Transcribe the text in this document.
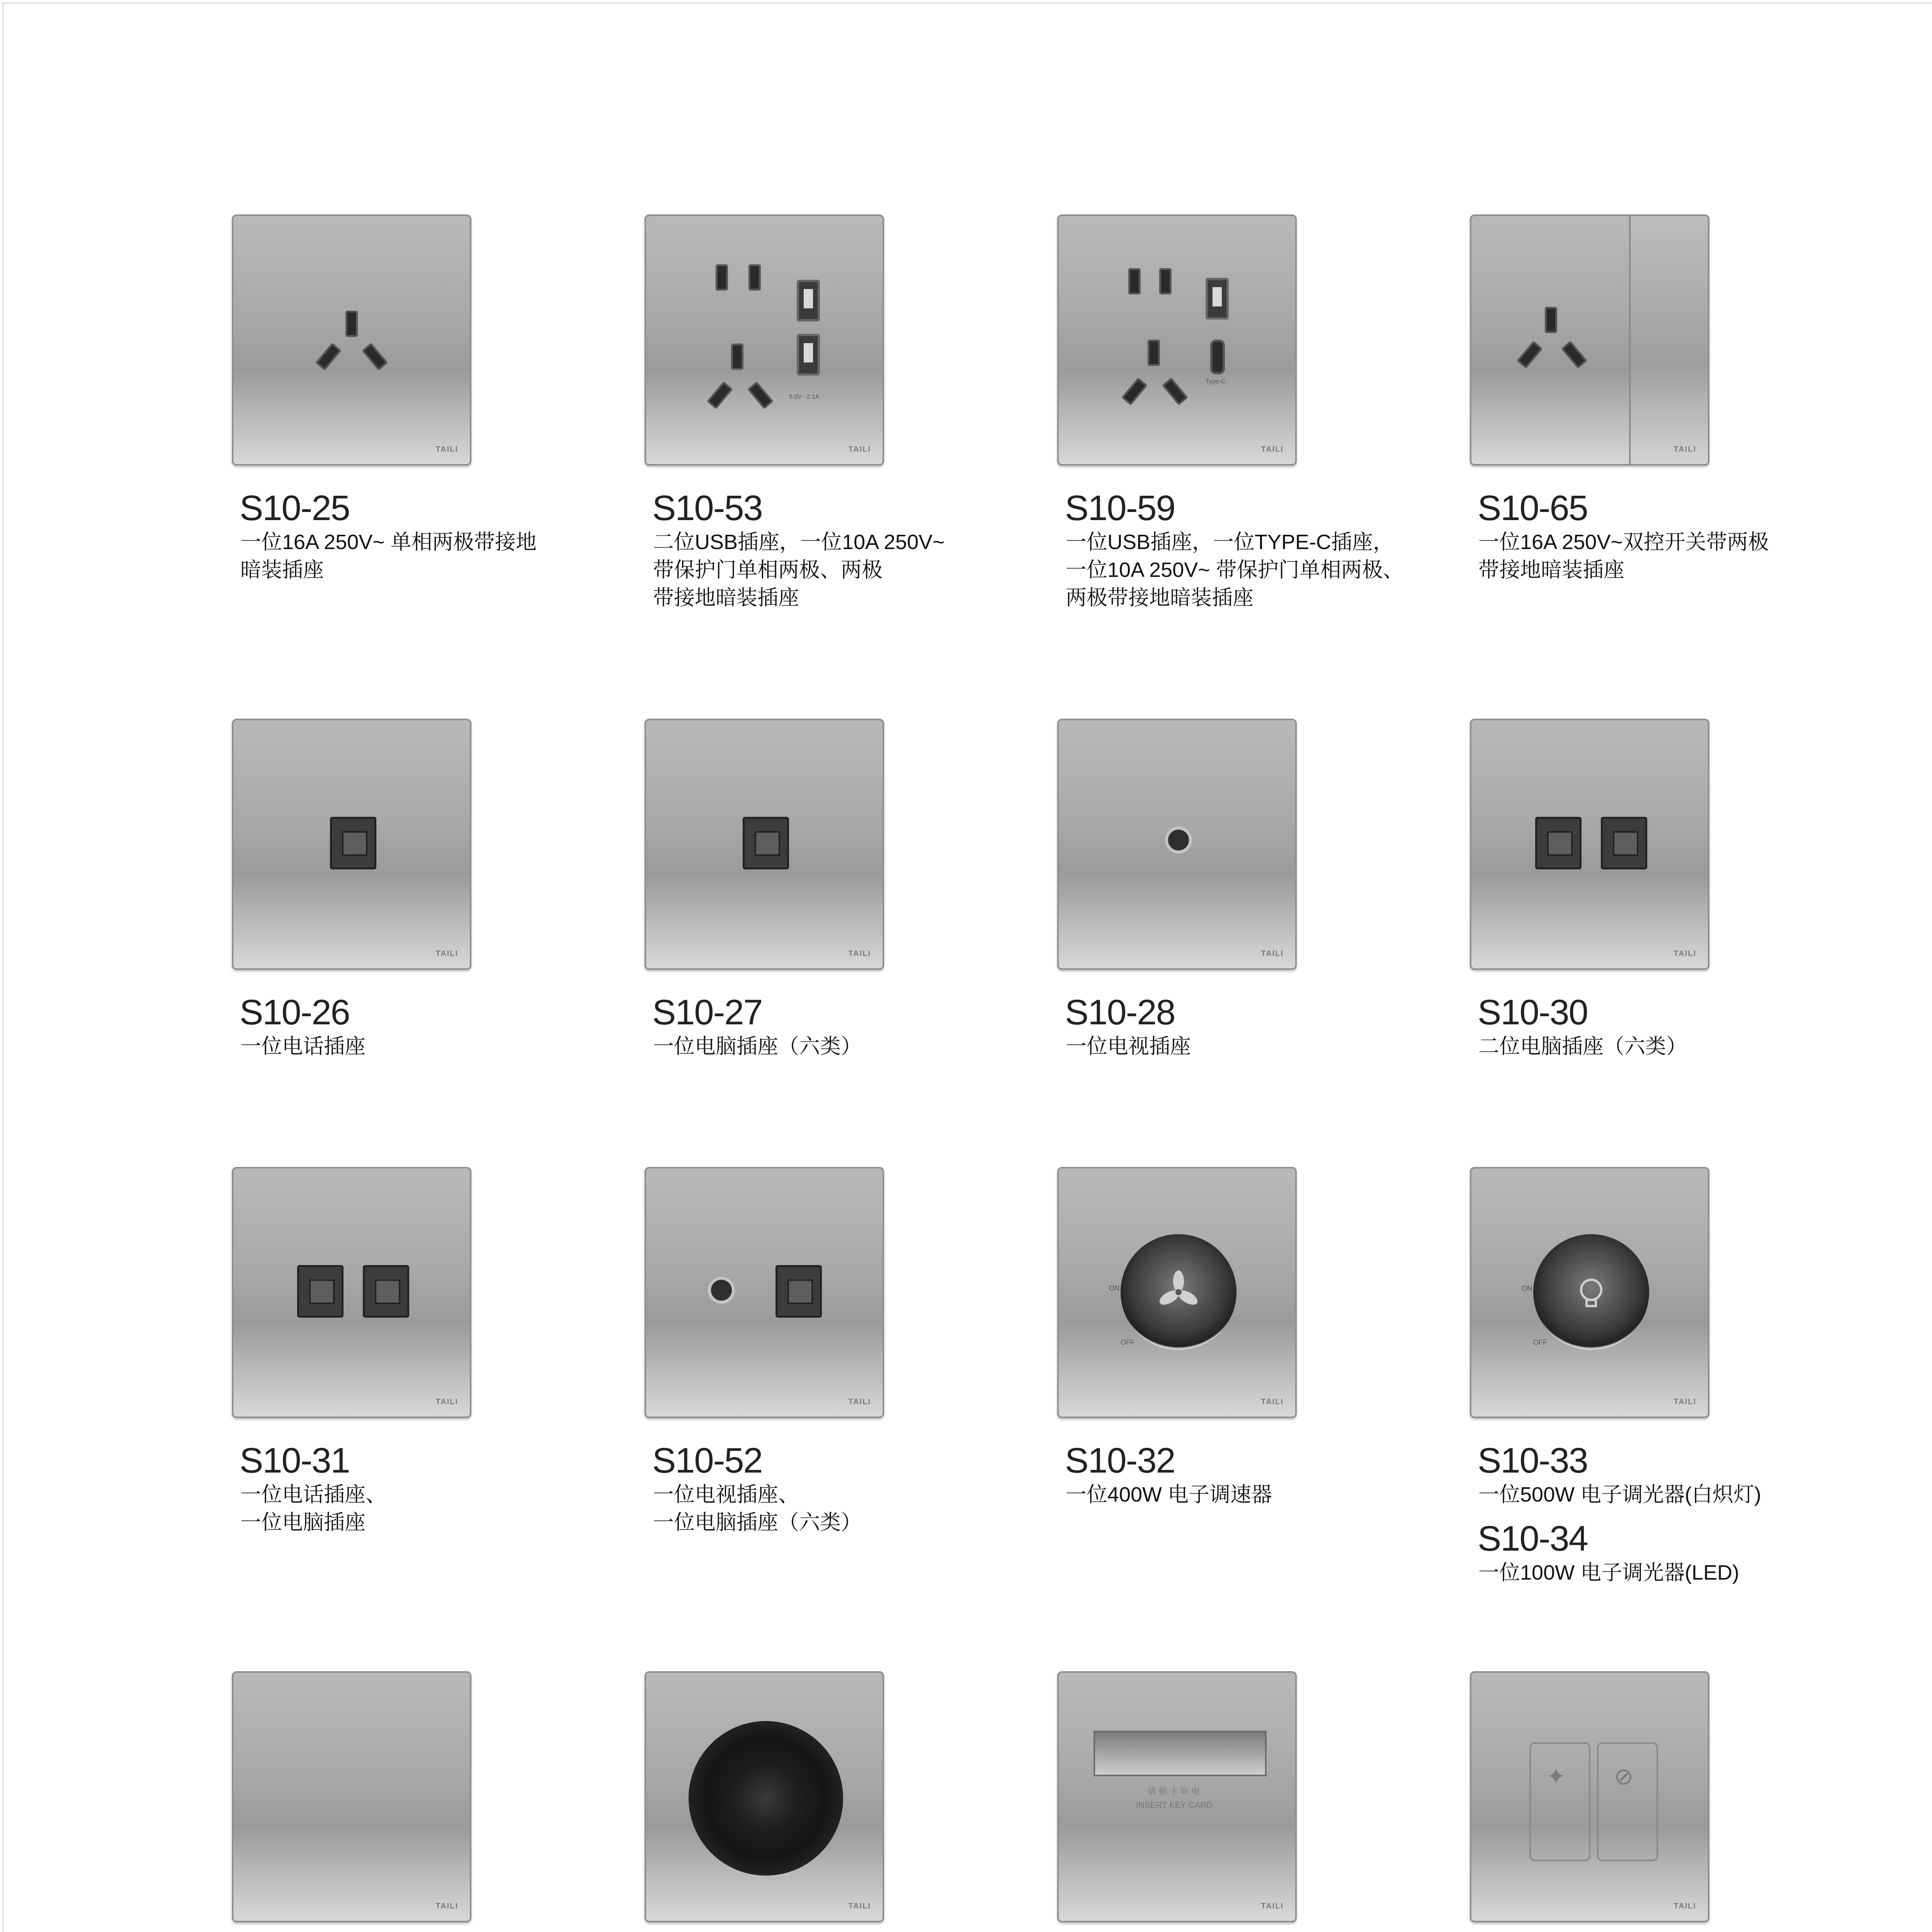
TAILI
S10-25
一位16A 250V~ 单相两极带接地
暗装插座
5.0V⎓2.1A
TAILI
S10-53
二位USB插座，一位10A 250V~
带保护门单相两极、两极
带接地暗装插座
Type-C
TAILI
S10-59
一位USB插座，一位TYPE-C插座，
一位10A 250V~ 带保护门单相两极、
两极带接地暗装插座
TAILI
S10-65
一位16A 250V~双控开关带两极
带接地暗装插座
TAILI
S10-26
一位电话插座
TAILI
S10-27
一位电脑插座（六类）
TAILI
S10-28
一位电视插座
TAILI
S10-30
二位电脑插座（六类）
TAILI
S10-31
一位电话插座、
一位电脑插座
TAILI
S10-52
一位电视插座、
一位电脑插座（六类）
ON
OFF
TAILI
S10-32
一位400W 电子调速器
ON
OFF
TAILI
S10-33
一位500W 电子调光器(白炽灯)
S10-34
一位100W 电子调光器(LED)
TAILI	TAILI
请 插 卡 取 电
INSERT KEY CARD
TAILI
✦ ⊘
TAILI
